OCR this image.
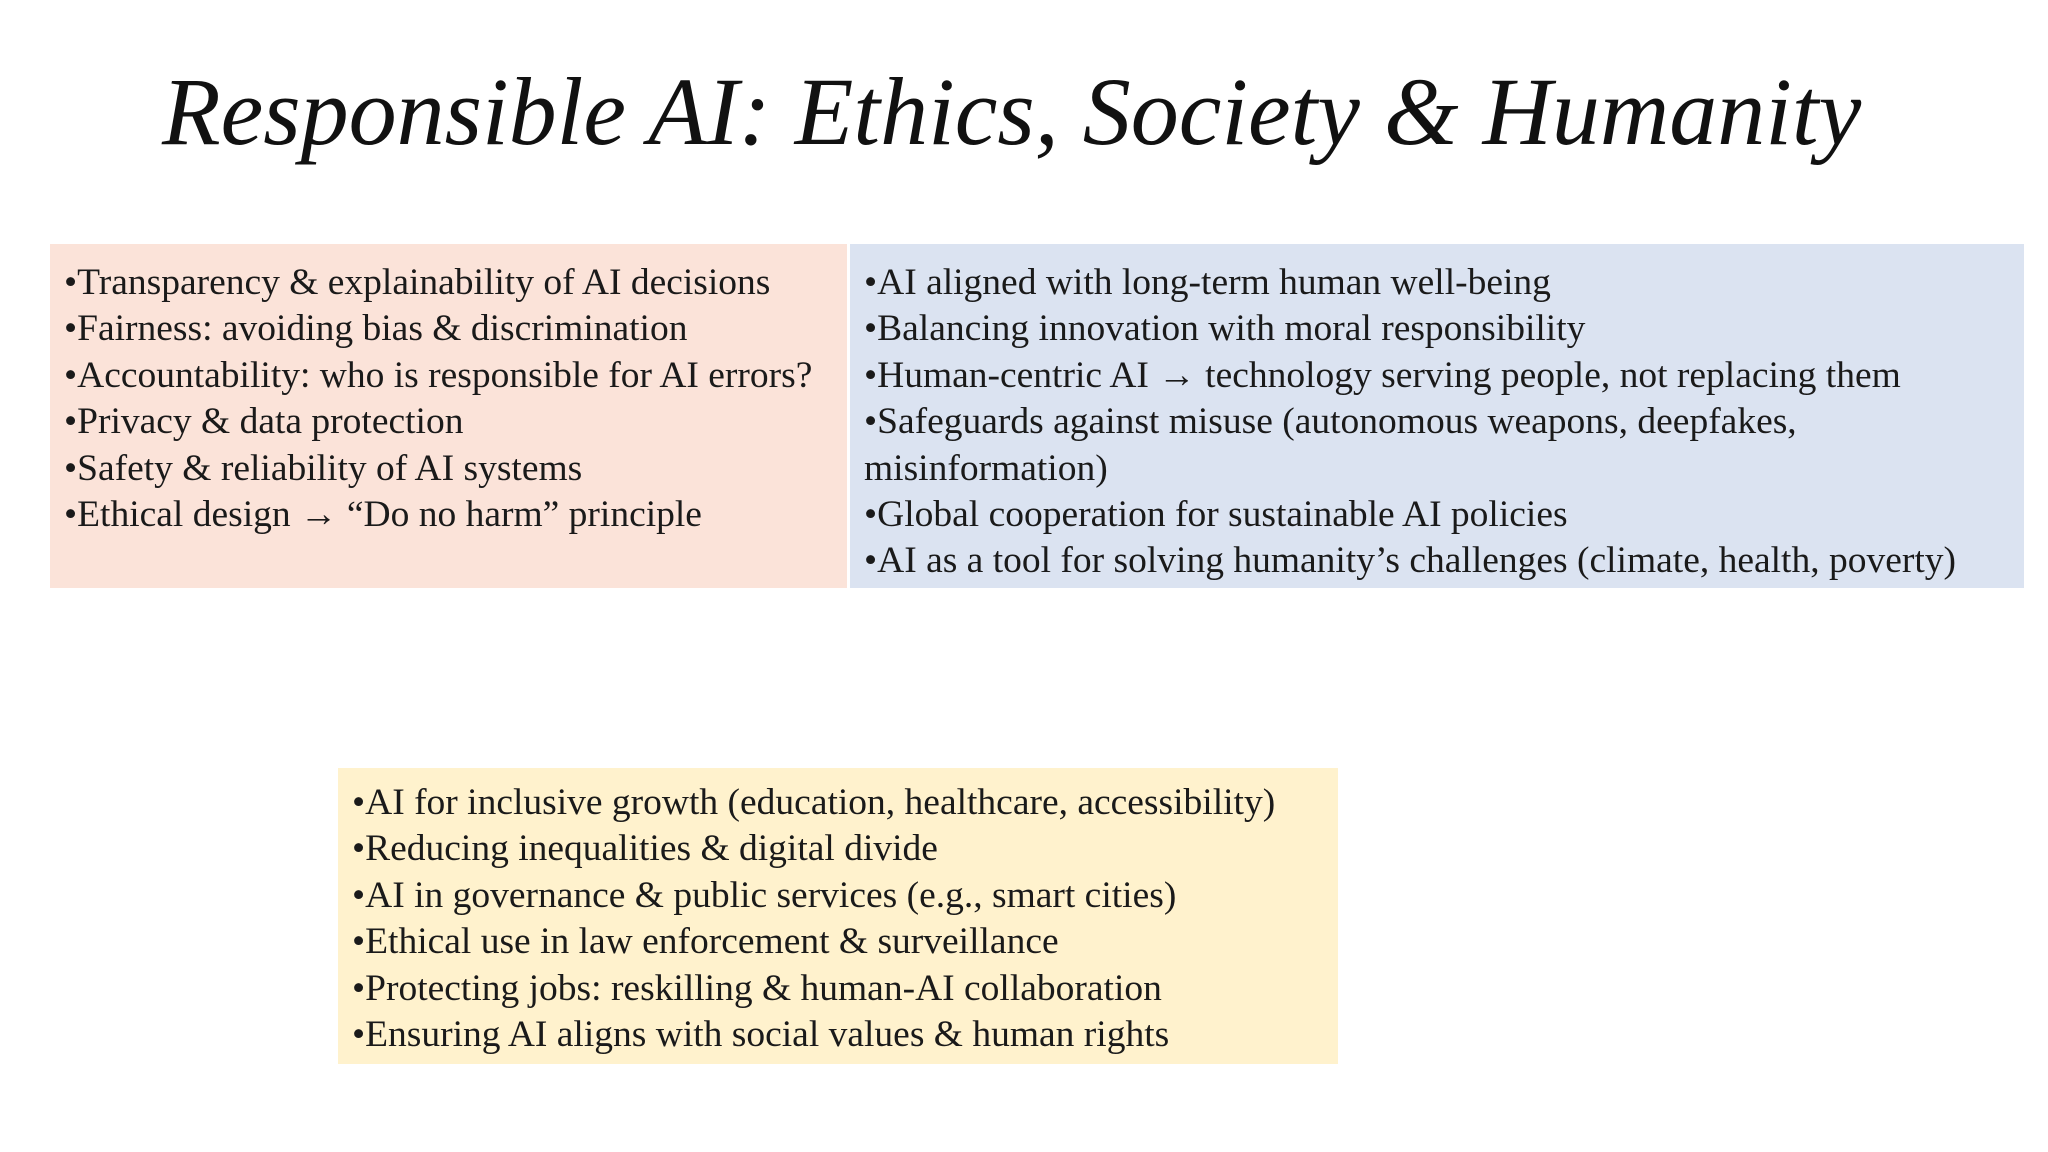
Responsible AI: Ethics, Society & Humanity
•Transparency & explainability of AI decisions
•Fairness: avoiding bias & discrimination
•Accountability: who is responsible for AI errors?
•Privacy & data protection
•Safety & reliability of AI systems
•Ethical design → “Do no harm” principle
•AI aligned with long-term human well-being
•Balancing innovation with moral responsibility
•Human-centric AI → technology serving people, not replacing them
•Safeguards against misuse (autonomous weapons, deepfakes, misinformation)
•Global cooperation for sustainable AI policies
•AI as a tool for solving humanity’s challenges (climate, health, poverty)
•AI for inclusive growth (education, healthcare, accessibility)
•Reducing inequalities & digital divide
•AI in governance & public services (e.g., smart cities)
•Ethical use in law enforcement & surveillance
•Protecting jobs: reskilling & human-AI collaboration
•Ensuring AI aligns with social values & human rights
